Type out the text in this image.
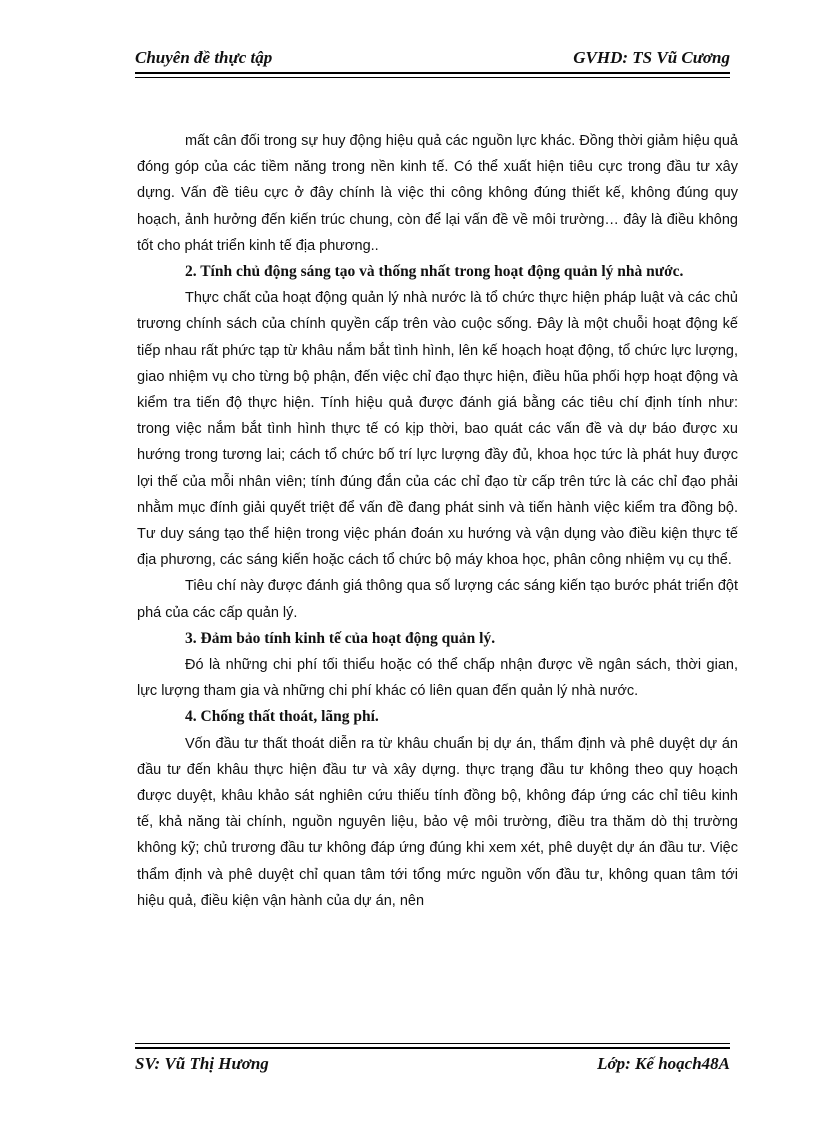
Chuyên đề thực tập	GVHD: TS Vũ Cương

mất cân đối trong sự huy động hiệu quả các nguồn lực khác. Đồng thời giảm hiệu quả đóng góp của các tiềm năng trong nền kinh tế. Có thể xuất hiện tiêu cực trong đầu tư xây dựng. Vấn đề tiêu cực ở đây chính là việc thi công không đúng thiết kế, không đúng quy hoạch, ảnh hưởng đến kiến trúc chung, còn để lại vấn đề về môi trường… đây là điều không tốt cho phát triển kinh tế địa phương..

2. Tính chủ động sáng tạo và thống nhất trong hoạt động quản lý nhà nước.

Thực chất của hoạt động quản lý nhà nước là tổ chức thực hiện pháp luật và các chủ trương chính sách của chính quyền cấp trên vào cuộc sống. Đây là một chuỗi hoạt động kế tiếp nhau rất phức tạp từ khâu nắm bắt tình hình, lên kế hoạch hoạt động, tổ chức lực lượng, giao nhiệm vụ cho từng bộ phận, đến việc chỉ đạo thực hiện, điều hũa phối hợp hoạt động và kiểm tra tiến độ thực hiện. Tính hiệu quả được đánh giá bằng các tiêu chí định tính như: trong việc nắm bắt tình hình thực tế có kịp thời, bao quát các vấn đề và dự báo được xu hướng trong tương lai; cách tổ chức bố trí lực lượng đầy đủ, khoa học tức là phát huy được lợi thế của mỗi nhân viên; tính đúng đắn của các chỉ đạo từ cấp trên tức là các chỉ đạo phải nhằm mục đính giải quyết triệt để vấn đề đang phát sinh và tiến hành việc kiểm tra đồng bộ. Tư duy sáng tạo thể hiện trong việc phán đoán xu hướng và vận dụng vào điều kiện thực tế địa phương, các sáng kiến hoặc cách tổ chức bộ máy khoa học, phân công nhiệm vụ cụ thể.

Tiêu chí này được đánh giá thông qua số lượng các sáng kiến tạo bước phát triển đột phá của các cấp quản lý.

3. Đảm bảo tính kinh tế của hoạt động quản lý.

Đó là những chi phí tối thiểu hoặc có thể chấp nhận được về ngân sách, thời gian, lực lượng tham gia và những chi phí khác có liên quan đến quản lý nhà nước.

4. Chống thất thoát, lãng phí.

Vốn đầu tư thất thoát diễn ra từ khâu chuẩn bị dự án, thẩm định và phê duyệt dự án đầu tư đến khâu thực hiện đầu tư và xây dựng. thực trạng đầu tư không theo quy hoạch được duyệt, khâu khảo sát nghiên cứu thiếu tính đồng bộ, không đáp ứng các chỉ tiêu kinh tế, khả năng tài chính, nguồn nguyên liệu, bảo vệ môi trường, điều tra thăm dò thị trường không kỹ; chủ trương đầu tư không đáp ứng đúng khi xem xét, phê duyệt dự án đầu tư. Việc thẩm định và phê duyệt chỉ quan tâm tới tổng mức nguồn vốn đầu tư, không quan tâm tới hiệu quả, điều kiện vận hành của dự án, nên

SV: Vũ Thị Hương	Lớp: Kế hoạch48A
